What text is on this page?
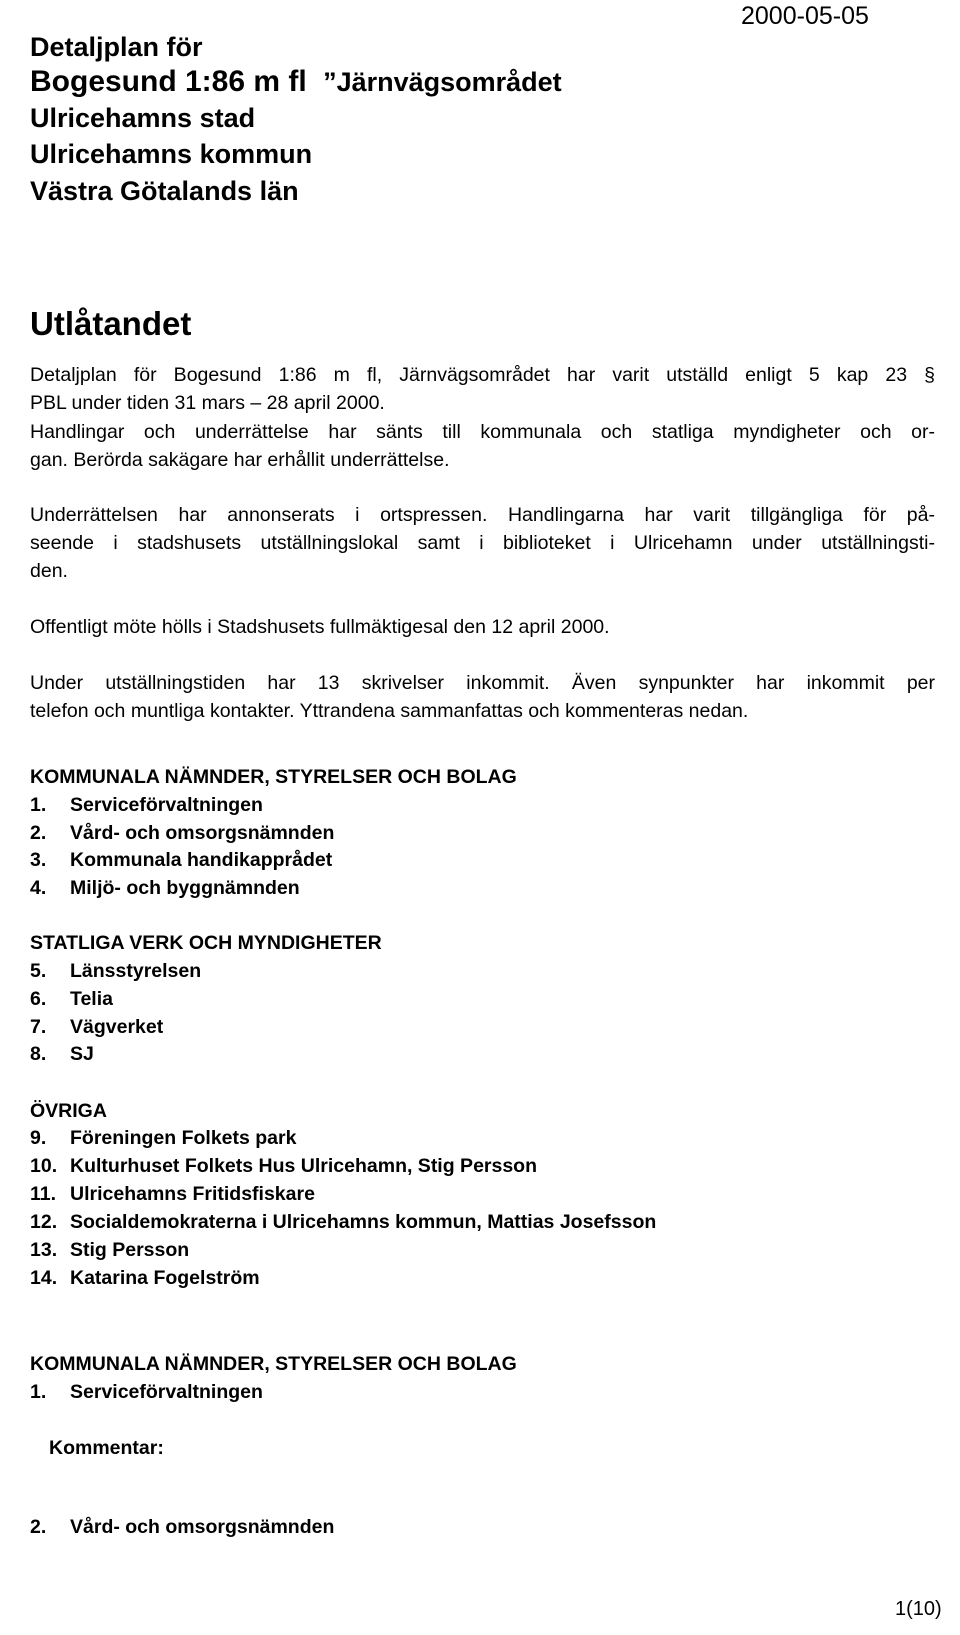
2000-05-05
Detaljplan för
Bogesund 1:86 m fl ”Järnvägsområdet
Ulricehamns stad
Ulricehamns kommun
Västra Götalands län
Utlåtandet
Detaljplan för Bogesund 1:86 m fl, Järnvägsområdet har varit utställd enligt 5 kap 23 §
PBL under tiden 31 mars – 28 april 2000.
Handlingar och underrättelse har sänts till kommunala och statliga myndigheter och or-
gan. Berörda sakägare har erhållit underrättelse.
Underrättelsen har annonserats i ortspressen. Handlingarna har varit tillgängliga för på-
seende i stadshusets utställningslokal samt i biblioteket i Ulricehamn under utställningsti-
den.
Offentligt möte hölls i Stadshusets fullmäktigesal den 12 april 2000.
Under utställningstiden har 13 skrivelser inkommit. Även synpunkter har inkommit per
telefon och muntliga kontakter. Yttrandena sammanfattas och kommenteras nedan.
KOMMUNALA NÄMNDER, STYRELSER OCH BOLAG
1. Serviceförvaltningen
2. Vård- och omsorgsnämnden
3. Kommunala handikapprådet
4. Miljö- och byggnämnden
STATLIGA VERK OCH MYNDIGHETER
5. Länsstyrelsen
6. Telia
7. Vägverket
8. SJ
ÖVRIGA
9. Föreningen Folkets park
10. Kulturhuset Folkets Hus Ulricehamn, Stig Persson
11. Ulricehamns Fritidsfiskare
12. Socialdemokraterna i Ulricehamns kommun, Mattias Josefsson
13. Stig Persson
14. Katarina Fogelström
KOMMUNALA NÄMNDER, STYRELSER OCH BOLAG
1. Serviceförvaltningen
Kommentar:
2. Vård- och omsorgsnämnden
1(10)
